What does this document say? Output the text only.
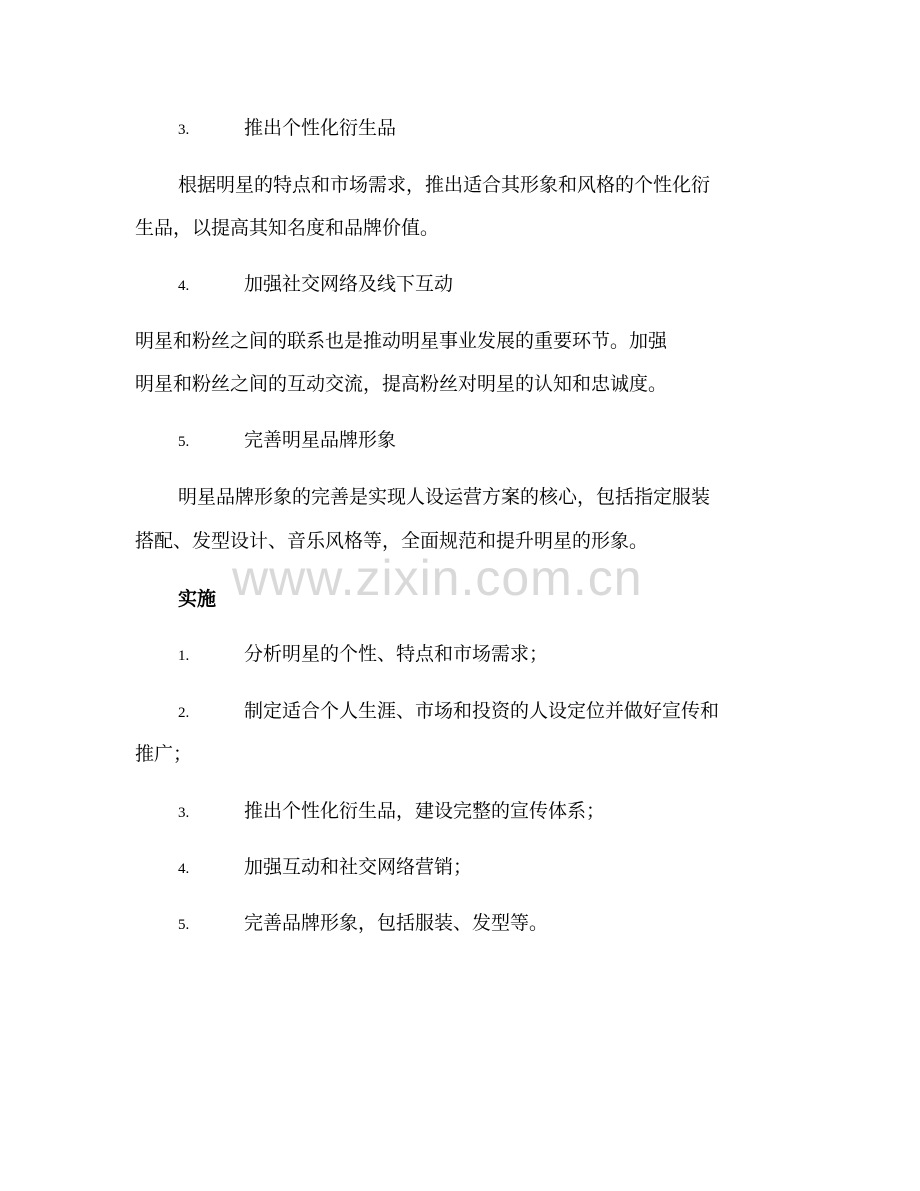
3.	推出个性化衍生品
根据明星的特点和市场需求，推出适合其形象和风格的个性化衍
生品，以提高其知名度和品牌价值。
4.	加强社交网络及线下互动
明星和粉丝之间的联系也是推动明星事业发展的重要环节。加强
明星和粉丝之间的互动交流，提高粉丝对明星的认知和忠诚度。
5.	完善明星品牌形象
明星品牌形象的完善是实现人设运营方案的核心，包括指定服装
搭配、发型设计、音乐风格等，全面规范和提升明星的形象。
www.zixin.com.cn
实施
1.	分析明星的个性、特点和市场需求；
2.	制定适合个人生涯、市场和投资的人设定位并做好宣传和
推广；
3.	推出个性化衍生品，建设完整的宣传体系；
4.	加强互动和社交网络营销；
5.	完善品牌形象，包括服装、发型等。
